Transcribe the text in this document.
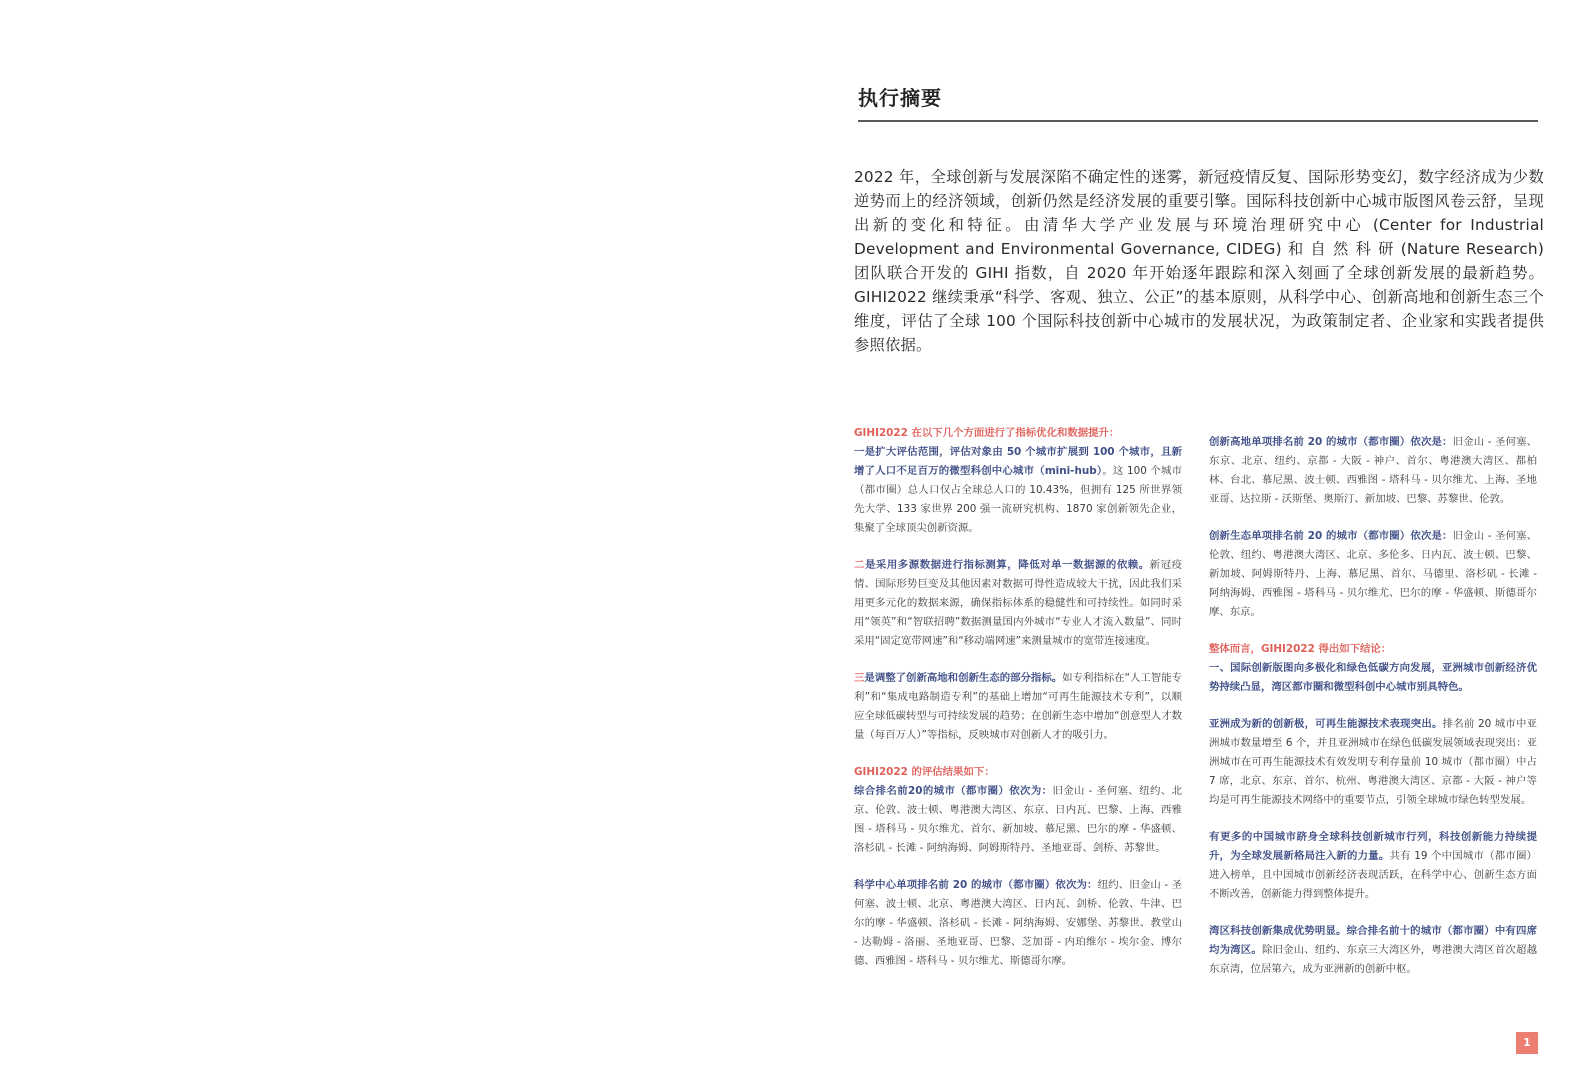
执行摘要
2022 年，全球创新与发展深陷不确定性的迷雾，新冠疫情反复、国际形势变幻，数字经济成为少数逆势而上的经济领域，创新仍然是经济发展的重要引擎。国际科技创新中心城市版图风卷云舒，呈现出新的变化和特征。由清华大学产业发展与环境治理研究中心 (Center for Industrial Development and Environmental Governance, CIDEG) 和 自 然 科 研 (Nature Research) 团队联合开发的 GIHI 指数，自 2020 年开始逐年跟踪和深入刻画了全球创新发展的最新趋势。GIHI2022 继续秉承“科学、客观、独立、公正”的基本原则，从科学中心、创新高地和创新生态三个维度，评估了全球 100 个国际科技创新中心城市的发展状况，为政策制定者、企业家和实践者提供参照依据。

GIHI2022 在以下几个方面进行了指标优化和数据提升：
一是扩大评估范围，评估对象由 50 个城市扩展到 100 个城市，且新增了人口不足百万的微型科创中心城市（mini-hub）。这 100 个城市（都市圈）总人口仅占全球总人口的 10.43%，但拥有 125 所世界领先大学、133 家世界 200 强一流研究机构、1870 家创新领先企业，集聚了全球顶尖创新资源。

二是采用多源数据进行指标测算，降低对单一数据源的依赖。新冠疫情、国际形势巨变及其他因素对数据可得性造成较大干扰，因此我们采用更多元化的数据来源，确保指标体系的稳健性和可持续性。如同时采用“领英”和“智联招聘”数据测量国内外城市“专业人才流入数量”、同时采用“固定宽带网速”和“移动端网速”来测量城市的宽带连接速度。

三是调整了创新高地和创新生态的部分指标。如专利指标在“人工智能专利”和“集成电路制造专利”的基础上增加“可再生能源技术专利”，以顺应全球低碳转型与可持续发展的趋势；在创新生态中增加“创意型人才数量（每百万人）”等指标，反映城市对创新人才的吸引力。

GIHI2022 的评估结果如下：
综合排名前20的城市（都市圈）依次为：旧金山 - 圣何塞、纽约、北京、伦敦、波士顿、粤港澳大湾区、东京、日内瓦、巴黎、上海、西雅图 - 塔科马 - 贝尔维尤、首尔、新加坡、慕尼黑、巴尔的摩 - 华盛顿、洛杉矶 - 长滩 - 阿纳海姆、阿姆斯特丹、圣地亚哥、剑桥、苏黎世。

科学中心单项排名前 20 的城市（都市圈）依次为：纽约、旧金山 - 圣何塞、波士顿、北京、粤港澳大湾区、日内瓦、剑桥、伦敦、牛津、巴尔的摩 - 华盛顿、洛杉矶 - 长滩 - 阿纳海姆、安娜堡、苏黎世、教堂山 - 达勒姆 - 洛丽、圣地亚哥、巴黎、芝加哥 - 内珀维尔 - 埃尔金、博尔德、西雅图 - 塔科马 - 贝尔维尤、斯德哥尔摩。

创新高地单项排名前 20 的城市（都市圈）依次是：旧金山 - 圣何塞、东京、北京、纽约、京都 - 大阪 - 神户、首尔、粤港澳大湾区、都柏林、台北、慕尼黑、波士顿、西雅图 - 塔科马 - 贝尔维尤、上海、圣地亚哥、达拉斯 - 沃斯堡、奥斯汀、新加坡、巴黎、苏黎世、伦敦。

创新生态单项排名前 20 的城市（都市圈）依次是：旧金山 - 圣何塞、伦敦、纽约、粤港澳大湾区、北京、多伦多、日内瓦、波士顿、巴黎、新加坡、阿姆斯特丹、上海、慕尼黑、首尔、马德里、洛杉矶 - 长滩 - 阿纳海姆、西雅图 - 塔科马 - 贝尔维尤、巴尔的摩 - 华盛顿、斯德哥尔摩、东京。

整体而言，GIHI2022 得出如下结论：
一、国际创新版图向多极化和绿色低碳方向发展，亚洲城市创新经济优势持续凸显，湾区都市圈和微型科创中心城市别具特色。

亚洲成为新的创新极，可再生能源技术表现突出。排名前 20 城市中亚洲城市数量增至 6 个，并且亚洲城市在绿色低碳发展领域表现突出：亚洲城市在可再生能源技术有效发明专利存量前 10 城市（都市圈）中占 7 席，北京、东京、首尔、杭州、粤港澳大湾区、京都 - 大阪 - 神户等均是可再生能源技术网络中的重要节点，引领全球城市绿色转型发展。

有更多的中国城市跻身全球科技创新城市行列，科技创新能力持续提升，为全球发展新格局注入新的力量。共有 19 个中国城市（都市圈）进入榜单，且中国城市创新经济表现活跃，在科学中心、创新生态方面不断改善，创新能力得到整体提升。

湾区科技创新集成优势明显。综合排名前十的城市（都市圈）中有四席均为湾区。除旧金山、纽约、东京三大湾区外，粤港澳大湾区首次超越东京湾，位居第六，成为亚洲新的创新中枢。

1
